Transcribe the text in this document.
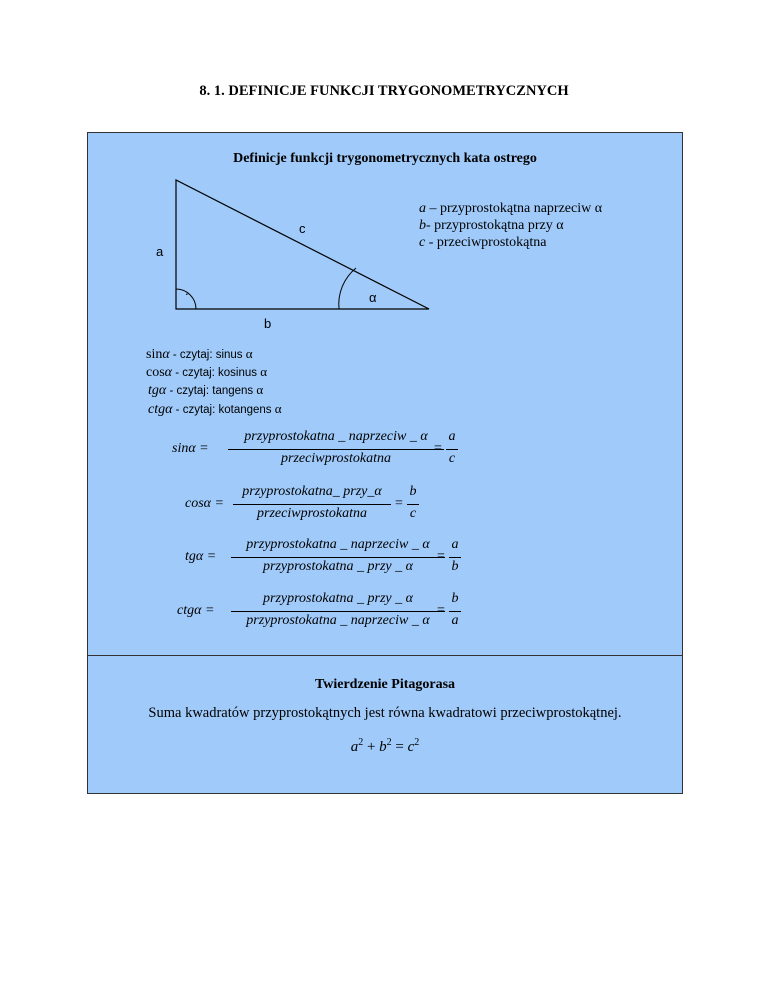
8. 1. DEFINICJE FUNKCJI TRYGONOMETRYCZNYCH
Definicje funkcji trygonometrycznych kata ostrego
c
a
.	α
b
a – przyprostokątna naprzeciw α
b- przyprostokątna przy α
c - przeciwprostokątna
sinα - czytaj: sinus α
cosα - czytaj: kosinus α
tgα - czytaj: tangens α
ctgα - czytaj: kotangens α
sinα =
przyprostokatna _ naprzeciw _ α
przeciwprostokatna
=
a
c
cosα =
przyprostokatna_ przy_α
przeciwprostokatna
=
b
c
tgα =
przyprostokatna _ naprzeciw _ α
przyprostokatna _ przy _ α
=
a
b
ctgα =
przyprostokatna _ przy _ α
przyprostokatna _ naprzeciw _ α
=
b
a
Twierdzenie Pitagorasa
Suma kwadratów przyprostokątnych jest równa kwadratowi przeciwprostokątnej.
$a^2 + b^2 = c^2$
